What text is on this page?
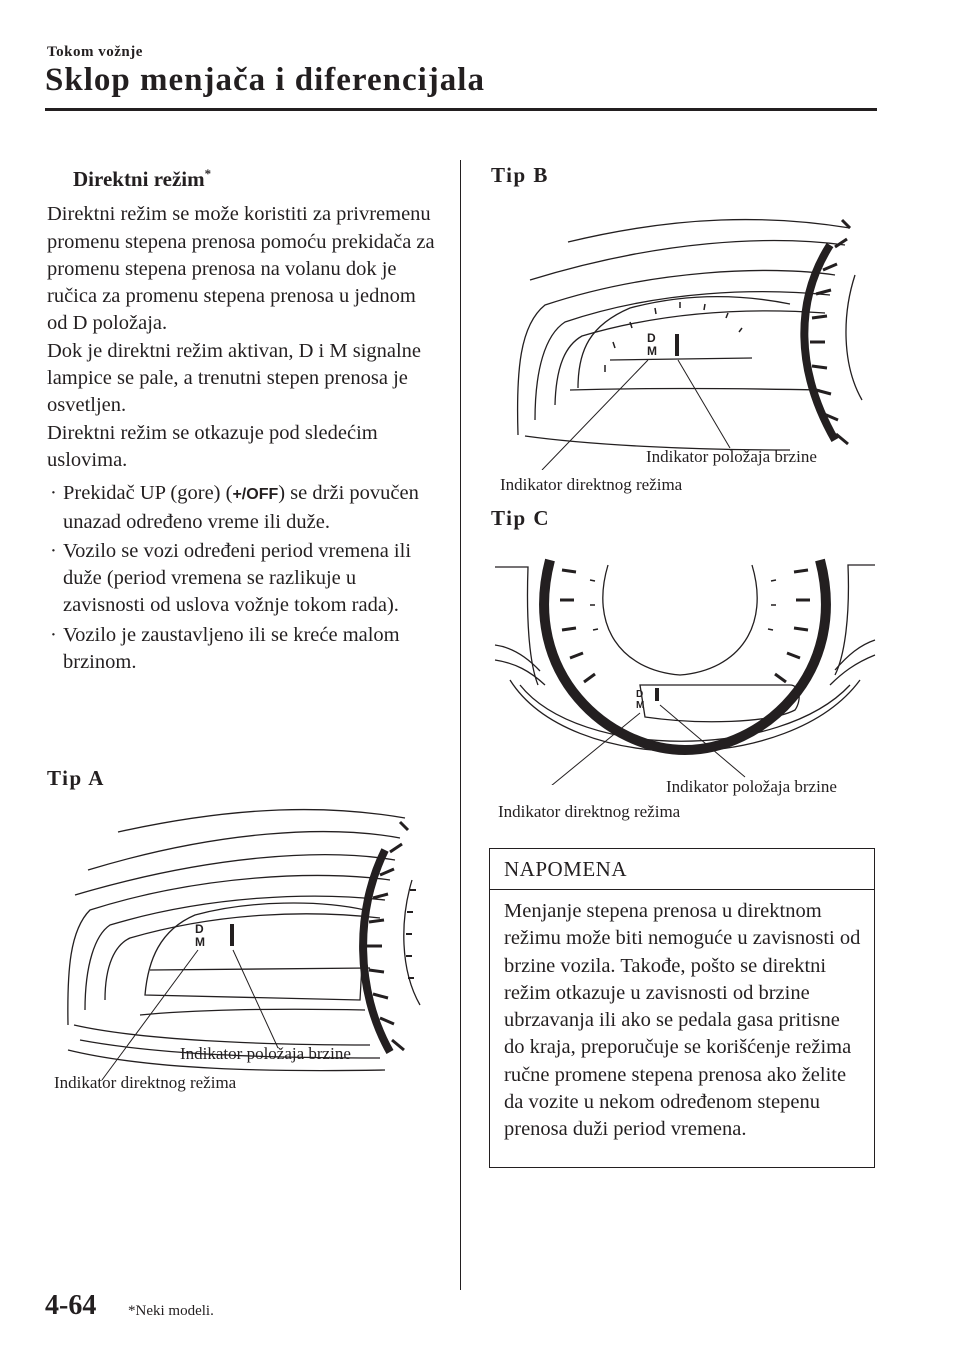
Tokom vožnje
Sklop menjača i diferencijala
Direktni režim*

Direktni režim se može koristiti za privremenu promenu stepena prenosa pomoću prekidača za promenu stepena prenosa na volanu dok je ručica za promenu stepena prenosa u jednom od D položaja.

Dok je direktni režim aktivan, D i M signalne lampice se pale, a trenutni stepen prenosa je osvetljen.

Direktni režim se otkazuje pod sledećim uslovima.

· Prekidač UP (gore) (+/OFF) se drži povučen unazad određeno vreme ili duže.
· Vozilo se vozi određeni period vremena ili duže (period vremena se razlikuje u zavisnosti od uslova vožnje tokom rada).
· Vozilo je zaustavljeno ili se kreće malom brzinom.
Tip A
D
M
Indikator položaja brzine
Indikator direktnog režima
Tip B
D
M
Indikator položaja brzine
Indikator direktnog režima
Tip C
D
M
Indikator položaja brzine
Indikator direktnog režima
NAPOMENA
Menjanje stepena prenosa u direktnom režimu može biti nemoguće u zavisnosti od brzine vozila. Takođe, pošto se direktni režim otkazuje u zavisnosti od brzine ubrzavanja ili ako se pedala gasa pritisne do kraja, preporučuje se korišćenje režima ručne promene stepena prenosa ako želite da vozite u nekom određenom stepenu prenosa duži period vremena.
4-64 *Neki modeli.
